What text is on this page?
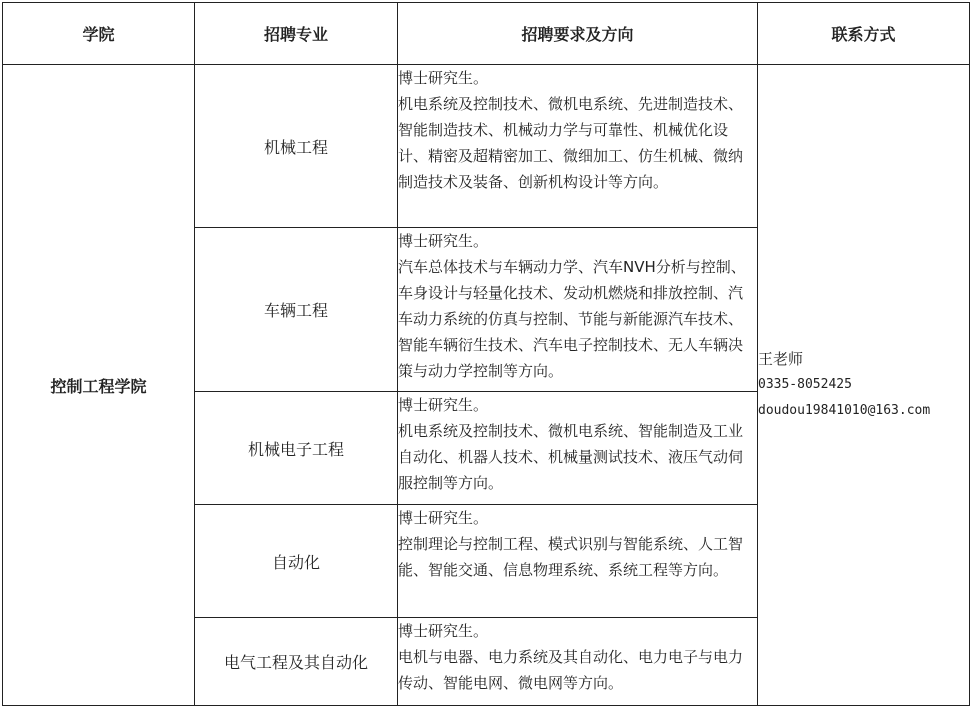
学院	招聘专业	招聘要求及方向	联系方式
控制工程学院	机械工程	博士研究生。
机电系统及控制技术、微机电系统、先进制造技术、智能制造技术、机械动力学与可靠性、机械优化设计、精密及超精密加工、微细加工、仿生机械、微纳制造技术及装备、创新机构设计等方向。	王老师
0335-8052425
doudou19841010@163.com

	车辆工程	博士研究生。
汽车总体技术与车辆动力学、汽车NVH分析与控制、车身设计与轻量化技术、发动机燃烧和排放控制、汽车动力系统的仿真与控制、节能与新能源汽车技术、智能车辆衍生技术、汽车电子控制技术、无人车辆决策与动力学控制等方向。	

	机械电子工程	博士研究生。
机电系统及控制技术、微机电系统、智能制造及工业自动化、机器人技术、机械量测试技术、液压气动伺服控制等方向。	

	自动化	博士研究生。
控制理论与控制工程、模式识别与智能系统、人工智能、智能交通、信息物理系统、系统工程等方向。	

	电气工程及其自动化	博士研究生。
电机与电器、电力系统及其自动化、电力电子与电力传动、智能电网、微电网等方向。	
